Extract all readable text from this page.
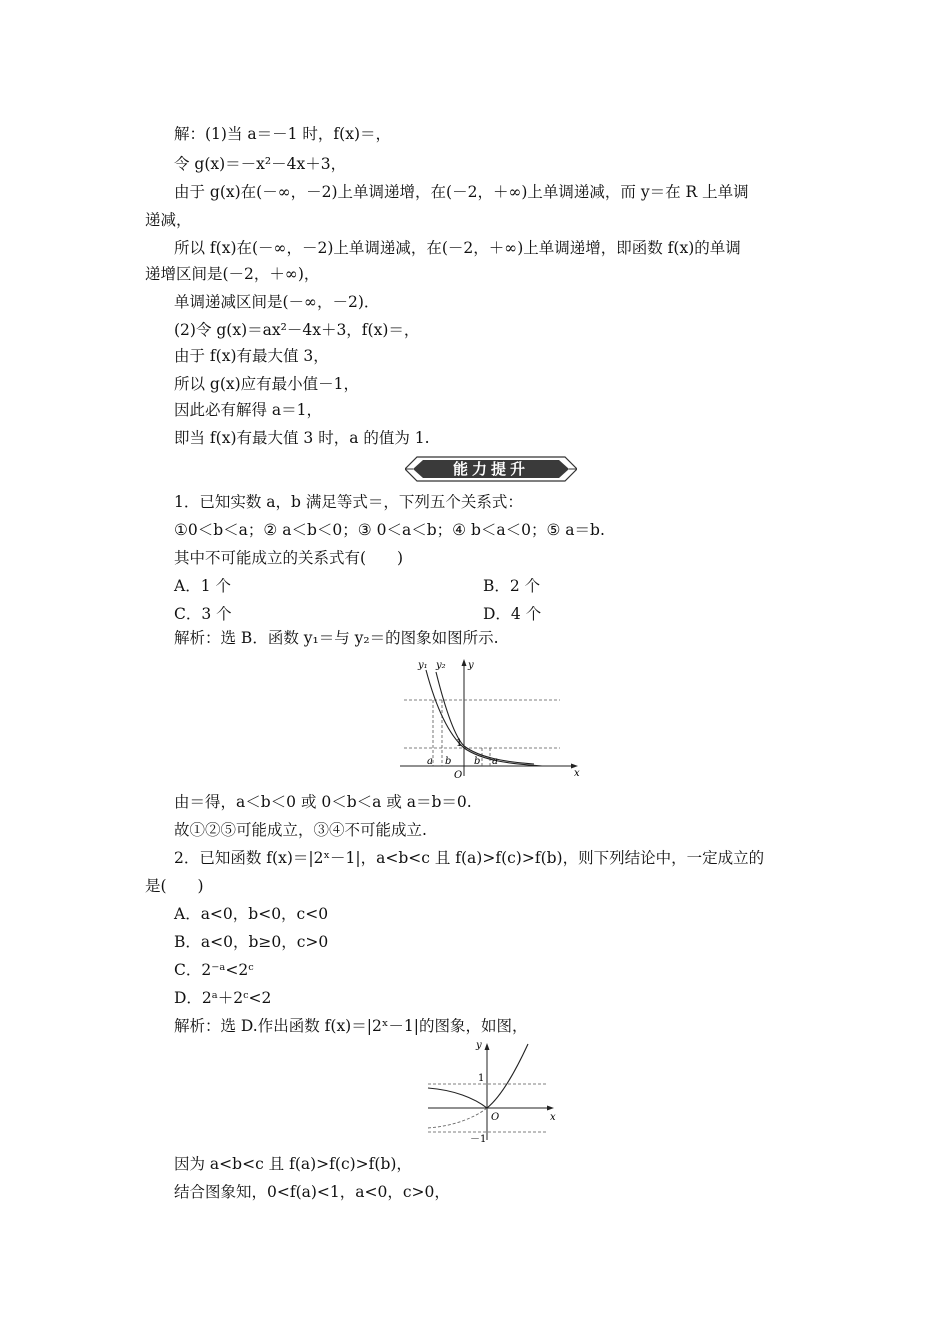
解：(1)当 a＝－1 时，f(x)＝，
令 g(x)＝－x²－4x＋3，
由于 g(x)在(－∞，－2)上单调递增，在(－2，＋∞)上单调递减，而 y＝在 R 上单调
递减，
所以 f(x)在(－∞，－2)上单调递减，在(－2，＋∞)上单调递增，即函数 f(x)的单调
递增区间是(－2，＋∞)，
单调递减区间是(－∞，－2)．
(2)令 g(x)＝ax²－4x＋3，f(x)＝，
由于 f(x)有最大值 3，
所以 g(x)应有最小值－1，
因此必有解得 a＝1，
即当 f(x)有最大值 3 时，a 的值为 1.
1．已知实数 a，b 满足等式＝，下列五个关系式：
①0＜b＜a；② a＜b＜0；③ 0＜a＜b；④ b＜a＜0；⑤ a＝b.
其中不可能成立的关系式有(　　)
解析：选 B．函数 y₁＝与 y₂＝的图象如图所示.
由＝得，a＜b＜0 或 0＜b＜a 或 a＝b＝0.
故①②⑤可能成立，③④不可能成立.
2．已知函数 f(x)＝|2ˣ－1|，a<b<c 且 f(a)>f(c)>f(b)，则下列结论中，一定成立的
是(　　)
A．a<0，b<0，c<0
B．a<0，b≥0，c>0
C．2⁻ᵃ<2ᶜ
D．2ᵃ＋2ᶜ<2
解析：选 D.作出函数 f(x)＝|2ˣ－1|的图象，如图，
因为 a<b<c 且 f(a)>f(c)>f(b)，
结合图象知，0<f(a)<1，a<0，c>0，
A．1 个	B．2 个
C．3 个	D．4 个
能力提升
y₁ y₂ y
x
1
O
a b b a
y
x
1
O
－1
